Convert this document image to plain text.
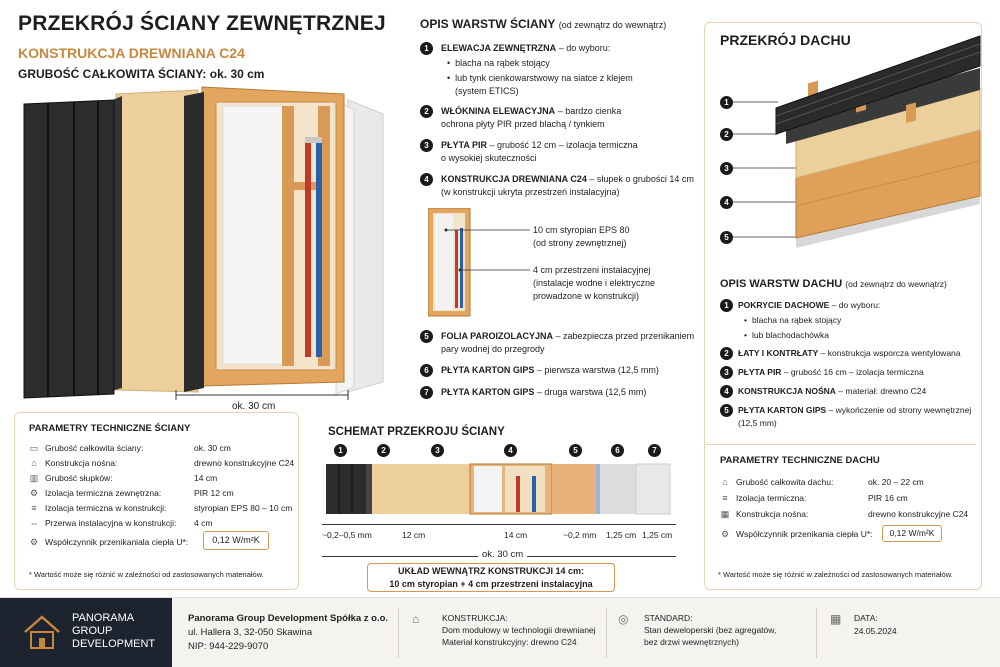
PRZEKRÓJ ŚCIANY ZEWNĘTRZNEJ
KONSTRUKCJA DREWNIANA C24
GRUBOŚĆ CAŁKOWITA ŚCIANY: ok. 30 cm
ok. 30 cm
OPIS WARSTW ŚCIANY (od zewnątrz do wewnątrz)
1	ELEWACJA ZEWNĘTRZNA – do wyboru:
• blacha na rąbek stojący
• lub tynk cienkowarstwowy na siatce z klejem
(system ETICS)
2	WŁÓKNINA ELEWACYJNA – bardzo cienka
ochrona płyty PIR przed blachą / tynkiem
3	PŁYTA PIR – grubość 12 cm – izolacja termiczna
o wysokiej skuteczności
4	KONSTRUKCJA DREWNIANA C24 – słupek o grubości 14 cm
(w konstrukcji ukryta przestrzeń instalacyjna)
10 cm styropian EPS 80
(od strony zewnętrznej)
4 cm przestrzeni instalacyjnej
(instalacje wodne i elektryczne
prowadzone w konstrukcji)
5	FOLIA PAROIZOLACYJNA – zabezpiecza przed przenikaniem
pary wodnej do przegrody
6	PŁYTA KARTON GIPS – pierwsza warstwa (12,5 mm)
7	PŁYTA KARTON GIPS – druga warstwa (12,5 mm)
PRZEKRÓJ DACHU
1
2
3
4
5
OPIS WARSTW DACHU (od zewnątrz do wewnątrz)
1	POKRYCIE DACHOWE – do wyboru:
• blacha na rąbek stojący
• lub blachodachówka
2	ŁATY I KONTRŁATY – konstrukcja wsporcza wentylowana
3	PŁYTA PIR – grubość 16 cm – izolacja termiczna
4	KONSTRUKCJA NOŚNA – materiał: drewno C24
5	PŁYTA KARTON GIPS – wykończenie od strony wewnętrznej
(12,5 mm)
PARAMETRY TECHNICZNE DACHU
⌂ Grubość całkowita dachu:	ok. 20 – 22 cm
≡ Izolacja termiczna:	PIR 16 cm
▦ Konstrukcja nośna:	drewno konstrukcyjne C24
⚙ Współczynnik przenikania ciepła U*:	0,12 W/m²K
* Wartość może się różnić w zależności od zastosowanych materiałów.
PARAMETRY TECHNICZNE ŚCIANY
▭ Grubość całkowita ściany:	ok. 30 cm
⌂ Konstrukcja nośna:	drewno konstrukcyjne C24
▥ Grubość słupków:	14 cm
⚙ Izolacja termiczna zewnętrzna:	PIR 12 cm
≡ Izolacja termiczna w konstrukcji:	styropian EPS 80 – 10 cm
⇔ Przerwa instalacyjna w konstrukcji: 4 cm
⚙ Współczynnik przenikaniala ciepła U*:	0,12 W/m²K
* Wartość może się różnić w zależności od zastosowanych materiałów.
SCHEMAT PRZEKROJU ŚCIANY
1	2	3	4	5	6	7
~0,2–0,5 mm	12 cm	14 cm	~0,2 mm 1,25 cm 1,25 cm
ok. 30 cm
UKŁAD WEWNĄTRZ KONSTRUKCJI 14 cm:
10 cm styropian + 4 cm przestrzeni instalacyjna
PANORAMA
GROUP
DEVELOPMENT
Panorama Group Development Spółka z o.o.
ul. Hallera 3, 32-050 Skawina
NIP: 944-229-9070
⌂	KONSTRUKCJA:
Dom modułowy w technologii drewnianej
Materiał konstrukcyjny: drewno C24
◎ STANDARD:
Stan deweloperski (bez agregatów,
bez drzwi wewnętrznych)
▦ DATA:
24.05.2024
